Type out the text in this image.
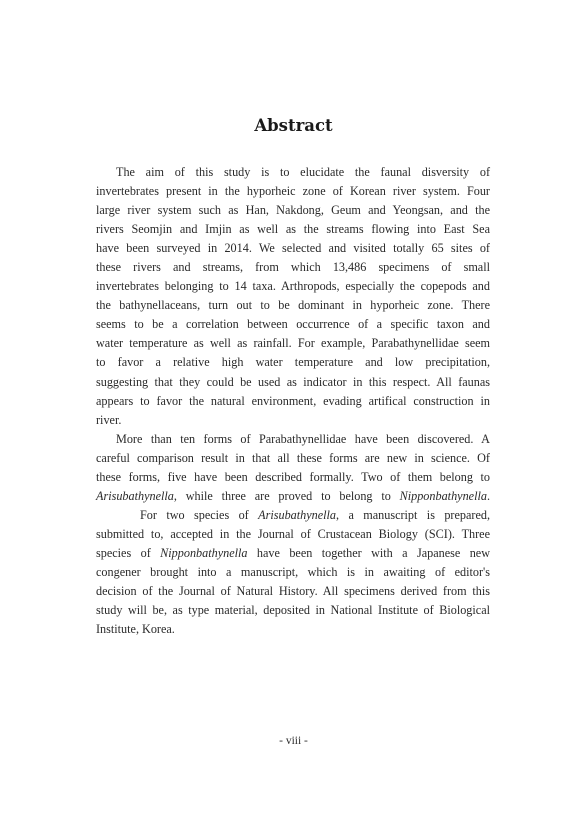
Abstract
The aim of this study is to elucidate the faunal disversity of
invertebrates present in the hyporheic zone of Korean river system. Four
large river system such as Han, Nakdong, Geum and Yeongsan, and the
rivers Seomjin and Imjin as well as the streams flowing into East Sea
have been surveyed in 2014. We selected and visited totally 65 sites of
these rivers and streams, from which 13,486 specimens of small
invertebrates belonging to 14 taxa. Arthropods, especially the copepods and
the bathynellaceans, turn out to be dominant in hyporheic zone. There
seems to be a correlation between occurrence of a specific taxon and
water temperature as well as rainfall. For example, Parabathynellidae seem
to favor a relative high water temperature and low precipitation,
suggesting that they could be used as indicator in this respect. All faunas
appears to favor the natural environment, evading artifical construction in
river.
More than ten forms of Parabathynellidae have been discovered. A
careful comparison result in that all these forms are new in science. Of
these forms, five have been described formally. Two of them belong to
Arisubathynella, while three are proved to belong to Nipponbathynella.
For two species of Arisubathynella, a manuscript is prepared,
submitted to, accepted in the Journal of Crustacean Biology (SCI). Three
species of Nipponbathynella have been together with a Japanese new
congener brought into a manuscript, which is in awaiting of editor's
decision of the Journal of Natural History. All specimens derived from this
study will be, as type material, deposited in National Institute of Biological
Institute, Korea.
- viii -
